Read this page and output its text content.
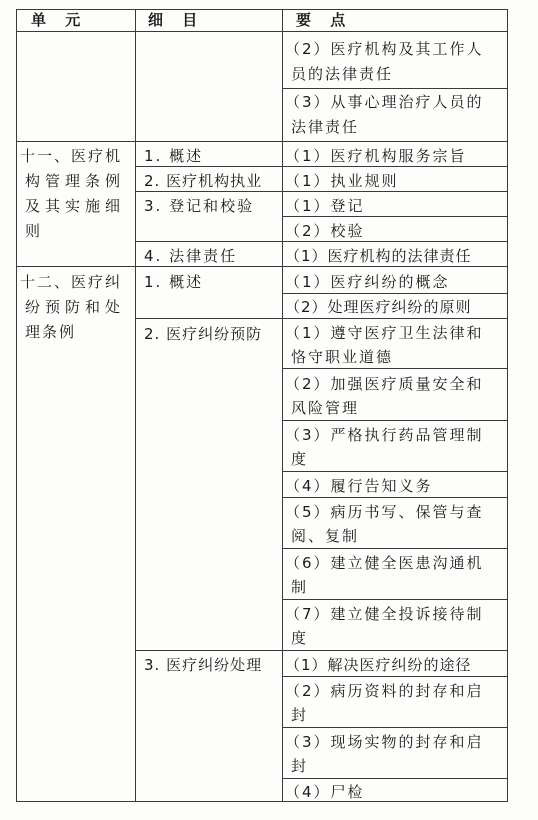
单 元	细 目	要 点
（2）医疗机构及其工作人
员的法律责任
（3）从事心理治疗人员的
法律责任
十一、医疗机
构管理条例
及其实施细
则
1. 概述
2. 医疗机构执业
3. 登记和校验
4. 法律责任
（1）医疗机构服务宗旨
（1）执业规则
（1）登记
（2）校验
（1）医疗机构的法律责任
十二、医疗纠
纷预防和处
理条例
1. 概述
2. 医疗纠纷预防
3. 医疗纠纷处理
（1）医疗纠纷的概念
（2）处理医疗纠纷的原则
（1）遵守医疗卫生法律和
恪守职业道德
（2）加强医疗质量安全和
风险管理
（3）严格执行药品管理制
度
（4）履行告知义务
（5）病历书写、保管与查
阅、复制
（6）建立健全医患沟通机
制
（7）建立健全投诉接待制
度
（1）解决医疗纠纷的途径
（2）病历资料的封存和启
封
（3）现场实物的封存和启
封
（4）尸检
